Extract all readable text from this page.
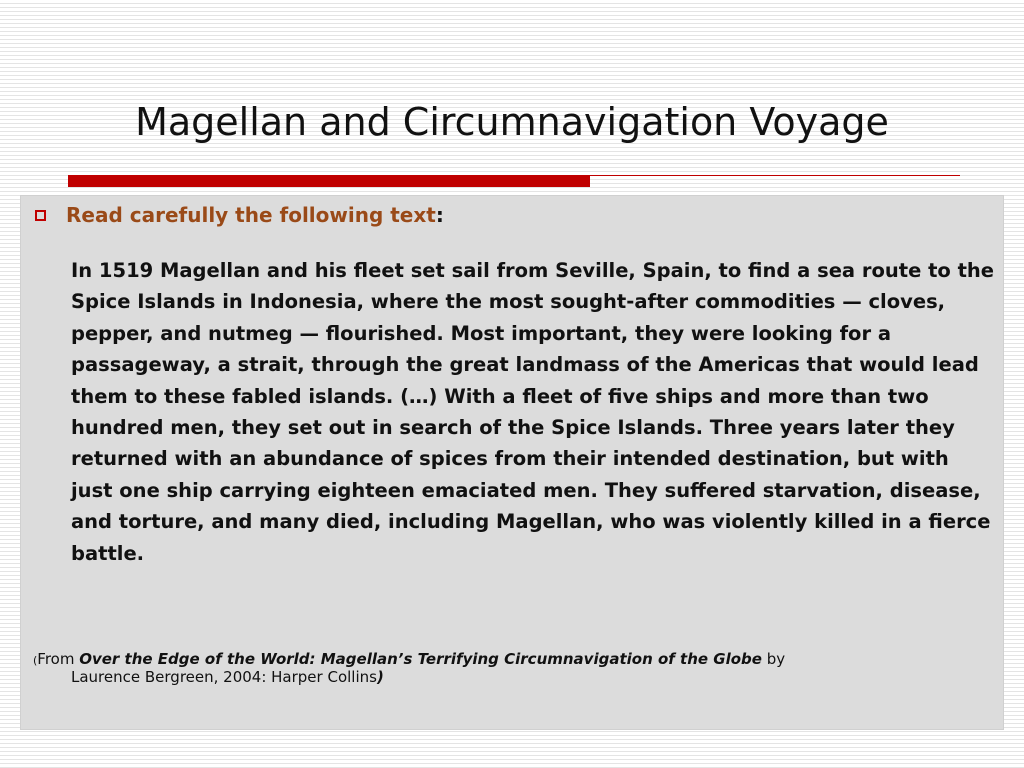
Magellan and Circumnavigation Voyage
Read carefully the following text:

In 1519 Magellan and his fleet set sail from Seville, Spain, to find a sea route to the Spice Islands in Indonesia, where the most sought-after commodities — cloves, pepper, and nutmeg — flourished. Most important, they were looking for a passageway, a strait, through the great landmass of the Americas that would lead them to these fabled islands. (…) With a fleet of five ships and more than two hundred men, they set out in search of the Spice Islands. Three years later they returned with an abundance of spices from their intended destination, but with just one ship carrying eighteen emaciated men. They suffered starvation, disease, and torture, and many died, including Magellan, who was violently killed in a fierce battle.

(From Over the Edge of the World: Magellan’s Terrifying Circumnavigation of the Globe by
Laurence Bergreen, 2004: Harper Collins)
